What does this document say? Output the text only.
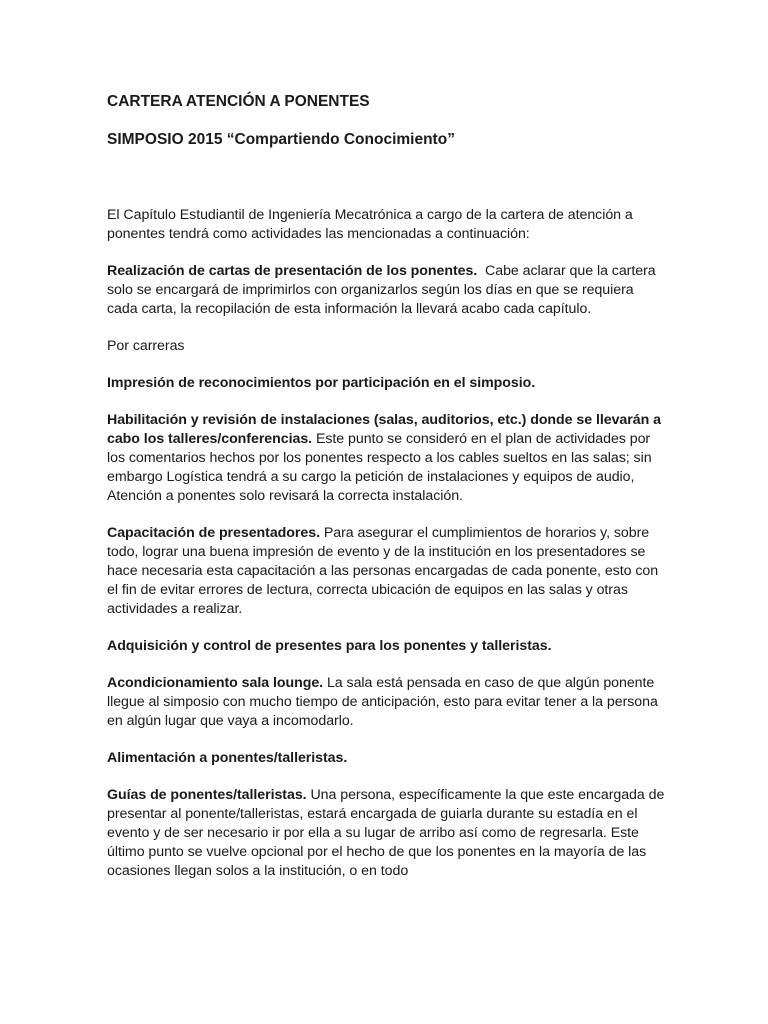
CARTERA ATENCIÓN A PONENTES
SIMPOSIO 2015 “Compartiendo Conocimiento”

El Capítulo Estudiantil de Ingeniería Mecatrónica a cargo de la cartera de atención a ponentes tendrá como actividades las mencionadas a continuación:

Realización de cartas de presentación de los ponentes.  Cabe aclarar que la cartera solo se encargará de imprimirlos con organizarlos según los días en que se requiera cada carta, la recopilación de esta información la llevará acabo cada capítulo.

Por carreras

Impresión de reconocimientos por participación en el simposio.

Habilitación y revisión de instalaciones (salas, auditorios, etc.) donde se llevarán a cabo los talleres/conferencias. Este punto se consideró en el plan de actividades por los comentarios hechos por los ponentes respecto a los cables sueltos en las salas; sin embargo Logística tendrá a su cargo la petición de instalaciones y equipos de audio, Atención a ponentes solo revisará la correcta instalación.

Capacitación de presentadores. Para asegurar el cumplimientos de horarios y, sobre todo, lograr una buena impresión de evento y de la institución en los presentadores se hace necesaria esta capacitación a las personas encargadas de cada ponente, esto con el fin de evitar errores de lectura, correcta ubicación de equipos en las salas y otras actividades a realizar.

Adquisición y control de presentes para los ponentes y talleristas.

Acondicionamiento sala lounge. La sala está pensada en caso de que algún ponente llegue al simposio con mucho tiempo de anticipación, esto para evitar tener a la persona en algún lugar que vaya a incomodarlo.

Alimentación a ponentes/talleristas.

Guías de ponentes/talleristas. Una persona, específicamente la que este encargada de presentar al ponente/talleristas, estará encargada de guiarla durante su estadía en el evento y de ser necesario ir por ella a su lugar de arribo así como de regresarla. Este último punto se vuelve opcional por el hecho de que los ponentes en la mayoría de las ocasiones llegan solos a la institución, o en todo
